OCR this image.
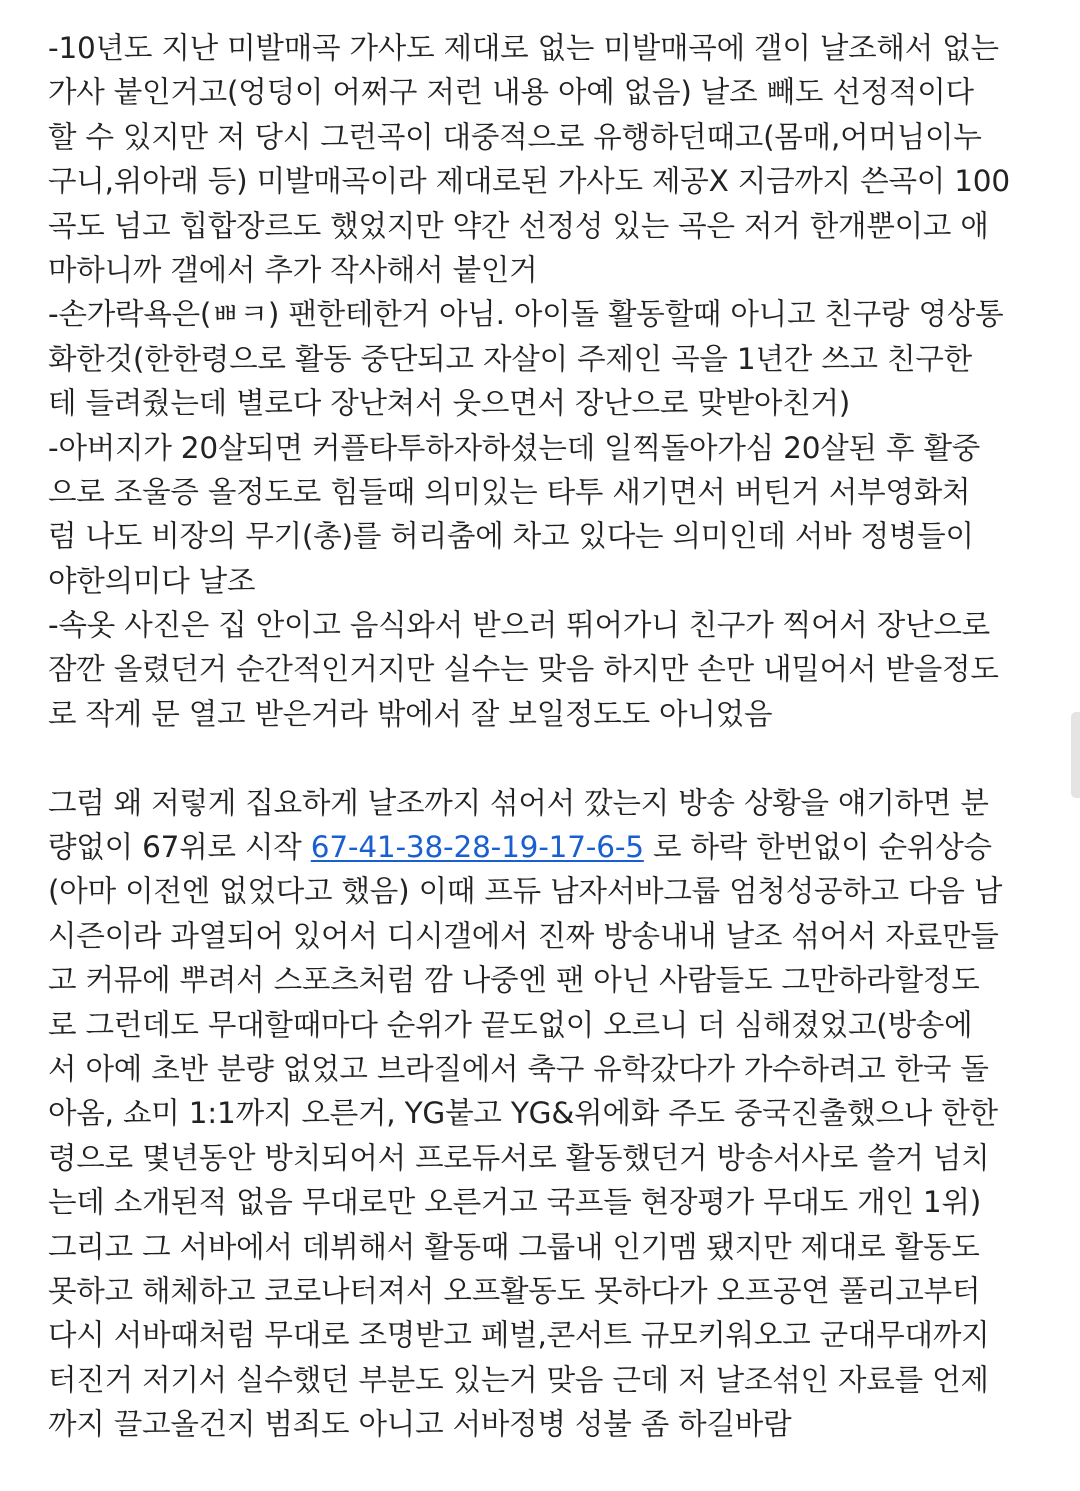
-10년도 지난 미발매곡 가사도 제대로 없는 미발매곡에 갤이 날조해서 없는
가사 붙인거고(엉덩이 어쩌구 저런 내용 아예 없음) 날조 빼도 선정적이다
할 수 있지만 저 당시 그런곡이 대중적으로 유행하던때고(몸매,어머님이누
구니,위아래 등) 미발매곡이라 제대로된 가사도 제공X 지금까지 쓴곡이 100
곡도 넘고 힙합장르도 했었지만 약간 선정성 있는 곡은 저거 한개뿐이고 애
마하니까 갤에서 추가 작사해서 붙인거
-손가락욕은(ㅃㅋ) 팬한테한거 아님. 아이돌 활동할때 아니고 친구랑 영상통
화한것(한한령으로 활동 중단되고 자살이 주제인 곡을 1년간 쓰고 친구한
테 들려줬는데 별로다 장난쳐서 웃으면서 장난으로 맞받아친거)
-아버지가 20살되면 커플타투하자하셨는데 일찍돌아가심 20살된 후 활중
으로 조울증 올정도로 힘들때 의미있는 타투 새기면서 버틴거 서부영화처
럼 나도 비장의 무기(총)를 허리춤에 차고 있다는 의미인데 서바 정병들이
야한의미다 날조
-속옷 사진은 집 안이고 음식와서 받으러 뛰어가니 친구가 찍어서 장난으로
잠깐 올렸던거 순간적인거지만 실수는 맞음 하지만 손만 내밀어서 받을정도
로 작게 문 열고 받은거라 밖에서 잘 보일정도도 아니었음
그럼 왜 저렇게 집요하게 날조까지 섞어서 깠는지 방송 상황을 얘기하면 분
량없이 67위로 시작 67-41-38-28-19-17-6-5 로 하락 한번없이 순위상승
(아마 이전엔 없었다고 했음) 이때 프듀 남자서바그룹 엄청성공하고 다음 남
시즌이라 과열되어 있어서 디시갤에서 진짜 방송내내 날조 섞어서 자료만들
고 커뮤에 뿌려서 스포츠처럼 깜 나중엔 팬 아닌 사람들도 그만하라할정도
로 그런데도 무대할때마다 순위가 끝도없이 오르니 더 심해졌었고(방송에
서 아예 초반 분량 없었고 브라질에서 축구 유학갔다가 가수하려고 한국 돌
아옴, 쇼미 1:1까지 오른거, YG붙고 YG&위에화 주도 중국진출했으나 한한
령으로 몇년동안 방치되어서 프로듀서로 활동했던거 방송서사로 쓸거 넘치
는데 소개된적 없음 무대로만 오른거고 국프들 현장평가 무대도 개인 1위)
그리고 그 서바에서 데뷔해서 활동때 그룹내 인기멤 됐지만 제대로 활동도
못하고 해체하고 코로나터져서 오프활동도 못하다가 오프공연 풀리고부터
다시 서바때처럼 무대로 조명받고 페벌,콘서트 규모키워오고 군대무대까지
터진거 저기서 실수했던 부분도 있는거 맞음 근데 저 날조섞인 자료를 언제
까지 끌고올건지 범죄도 아니고 서바정병 성불 좀 하길바람
